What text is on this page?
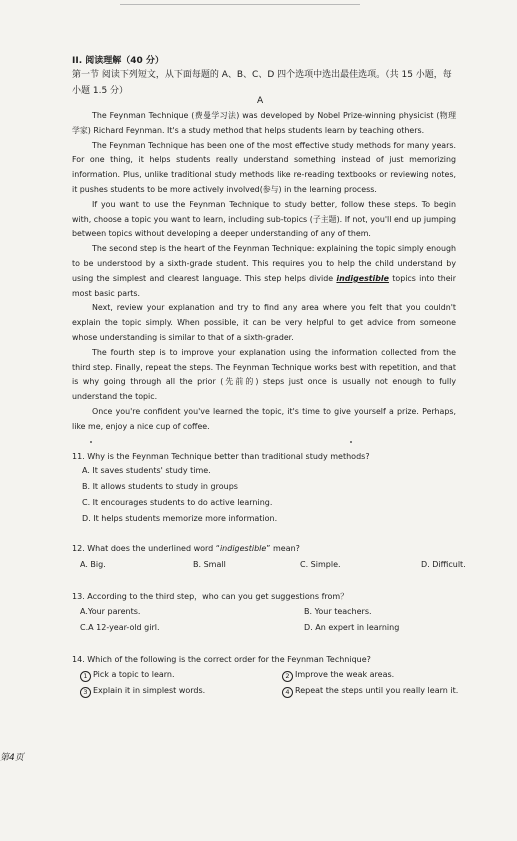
II. 阅读理解（40 分）
第一节 阅读下列短文，从下面每题的 A、B、C、D 四个选项中选出最佳选项。（共 15 小题，每小题 1.5 分）
A

The Feynman Technique (费曼学习法) was developed by Nobel Prize-winning physicist (物理学家) Richard Feynman. It's a study method that helps students learn by teaching others.

The Feynman Technique has been one of the most effective study methods for many years. For one thing, it helps students really understand something instead of just memorizing information. Plus, unlike traditional study methods like re-reading textbooks or reviewing notes, it pushes students to be more actively involved(参与) in the learning process.

If you want to use the Feynman Technique to study better, follow these steps. To begin with, choose a topic you want to learn, including sub-topics (子主题). If not, you'll end up jumping between topics without developing a deeper understanding of any of them.

The second step is the heart of the Feynman Technique: explaining the topic simply enough to be understood by a sixth-grade student. This requires you to help the child understand by using the simplest and clearest language. This step helps divide indigestible topics into their most basic parts.

Next, review your explanation and try to find any area where you felt that you couldn't explain the topic simply. When possible, it can be very helpful to get advice from someone whose understanding is similar to that of a sixth-grader.

The fourth step is to improve your explanation using the information collected from the third step. Finally, repeat the steps. The Feynman Technique works best with repetition, and that is why going through all the prior (先前的) steps just once is usually not enough to fully understand the topic.

Once you're confident you've learned the topic, it's time to give yourself a prize. Perhaps, like me, enjoy a nice cup of coffee.

11. Why is the Feynman Technique better than traditional study methods?
A. It saves students' study time.
B. It allows students to study in groups
C. It encourages students to do active learning.
D. It helps students memorize more information.
12. What does the underlined word “indigestible” mean?
A. Big.	B. Small	C. Simple.	D. Difficult.
13. According to the third step，who can you get suggestions from？
A.Your parents.	B. Your teachers.
C.A 12-year-old girl.	D. An expert in learning
14. Which of the following is the correct order for the Feynman Technique?
1 Pick a topic to learn.	2 Improve the weak areas.
3 Explain it in simplest words.	4 Repeat the steps until you really learn it.
第4页
